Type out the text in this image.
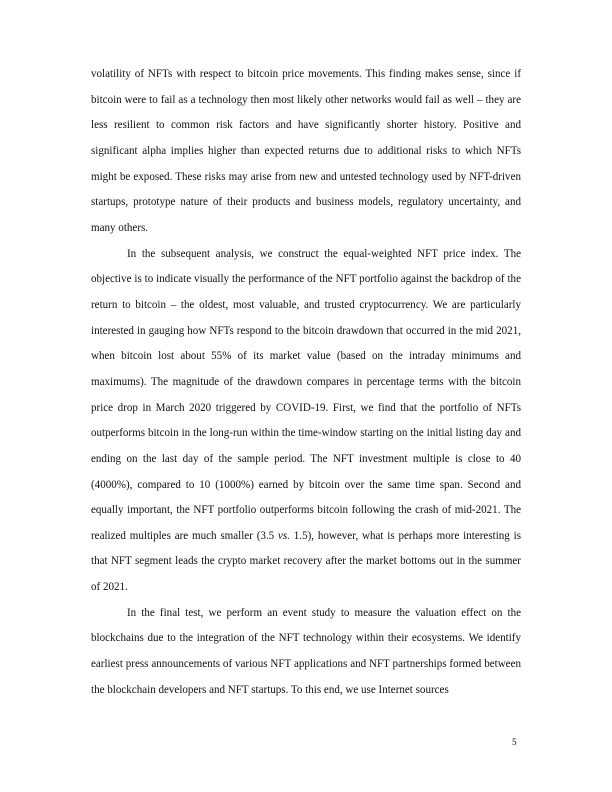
volatility of NFTs with respect to bitcoin price movements. This finding makes sense, since if bitcoin were to fail as a technology then most likely other networks would fail as well – they are less resilient to common risk factors and have significantly shorter history. Positive and significant alpha implies higher than expected returns due to additional risks to which NFTs might be exposed. These risks may arise from new and untested technology used by NFT-driven startups, prototype nature of their products and business models, regulatory uncertainty, and many others.

In the subsequent analysis, we construct the equal-weighted NFT price index. The objective is to indicate visually the performance of the NFT portfolio against the backdrop of the return to bitcoin – the oldest, most valuable, and trusted cryptocurrency. We are particularly interested in gauging how NFTs respond to the bitcoin drawdown that occurred in the mid 2021, when bitcoin lost about 55% of its market value (based on the intraday minimums and maximums). The magnitude of the drawdown compares in percentage terms with the bitcoin price drop in March 2020 triggered by COVID-19. First, we find that the portfolio of NFTs outperforms bitcoin in the long-run within the time-window starting on the initial listing day and ending on the last day of the sample period. The NFT investment multiple is close to 40 (4000%), compared to 10 (1000%) earned by bitcoin over the same time span. Second and equally important, the NFT portfolio outperforms bitcoin following the crash of mid-2021. The realized multiples are much smaller (3.5 vs. 1.5), however, what is perhaps more interesting is that NFT segment leads the crypto market recovery after the market bottoms out in the summer of 2021.

In the final test, we perform an event study to measure the valuation effect on the blockchains due to the integration of the NFT technology within their ecosystems. We identify earliest press announcements of various NFT applications and NFT partnerships formed between the blockchain developers and NFT startups. To this end, we use Internet sources

5
